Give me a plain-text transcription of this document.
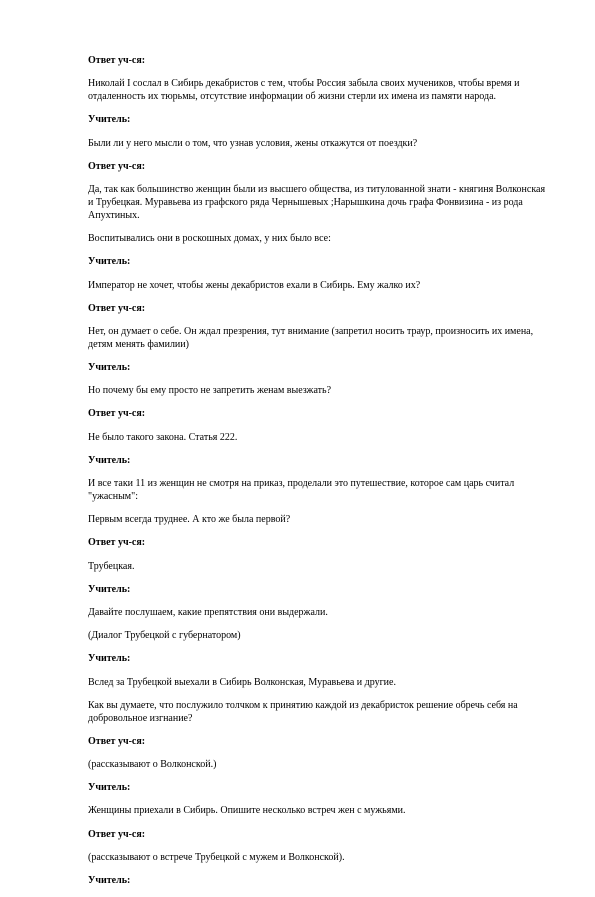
Ответ уч-ся:

Николай I сослал в Сибирь декабристов с тем, чтобы Россия забыла своих мучеников, чтобы время и отдаленность их тюрьмы, отсутствие информации об жизни стерли их имена из памяти народа.

Учитель:

Были ли у него мысли о том, что узнав условия, жены откажутся от поездки?

Ответ уч-ся:

Да, так как большинство женщин были из высшего общества, из титулованной знати - княгиня Волконская и Трубецкая. Муравьева из графского ряда Чернышевых ;Нарышкина дочь графа Фонвизина - из рода Апухтиных.

Воспитывались они в роскошных домах, у них было все:

Учитель:

Император не хочет, чтобы жены декабристов ехали в Сибирь. Ему жалко их?

Ответ уч-ся:

Нет, он думает о себе. Он ждал презрения, тут внимание (запретил носить траур, произносить их имена, детям менять фамилии)

Учитель:

Но почему бы ему просто не запретить женам выезжать?

Ответ уч-ся:

Не было такого закона. Статья 222.

Учитель:

И все таки 11 из женщин не смотря на приказ, проделали это путешествие, которое сам царь считал "ужасным":

Первым всегда труднее. А кто же была первой?

Ответ уч-ся:

Трубецкая.

Учитель:

Давайте послушаем, какие препятствия они выдержали.

(Диалог Трубецкой с губернатором)

Учитель:

Вслед за Трубецкой выехали в Сибирь Волконская, Муравьева и другие.

Как вы думаете, что послужило толчком к принятию каждой из декабристок решение обречь себя на добровольное изгнание?

Ответ уч-ся:

(рассказывают о Волконской.)

Учитель:

Женщины приехали в Сибирь. Опишите несколько встреч жен с мужьями.

Ответ уч-ся:

(рассказывают о встрече Трубецкой с мужем и Волконской).

Учитель:
